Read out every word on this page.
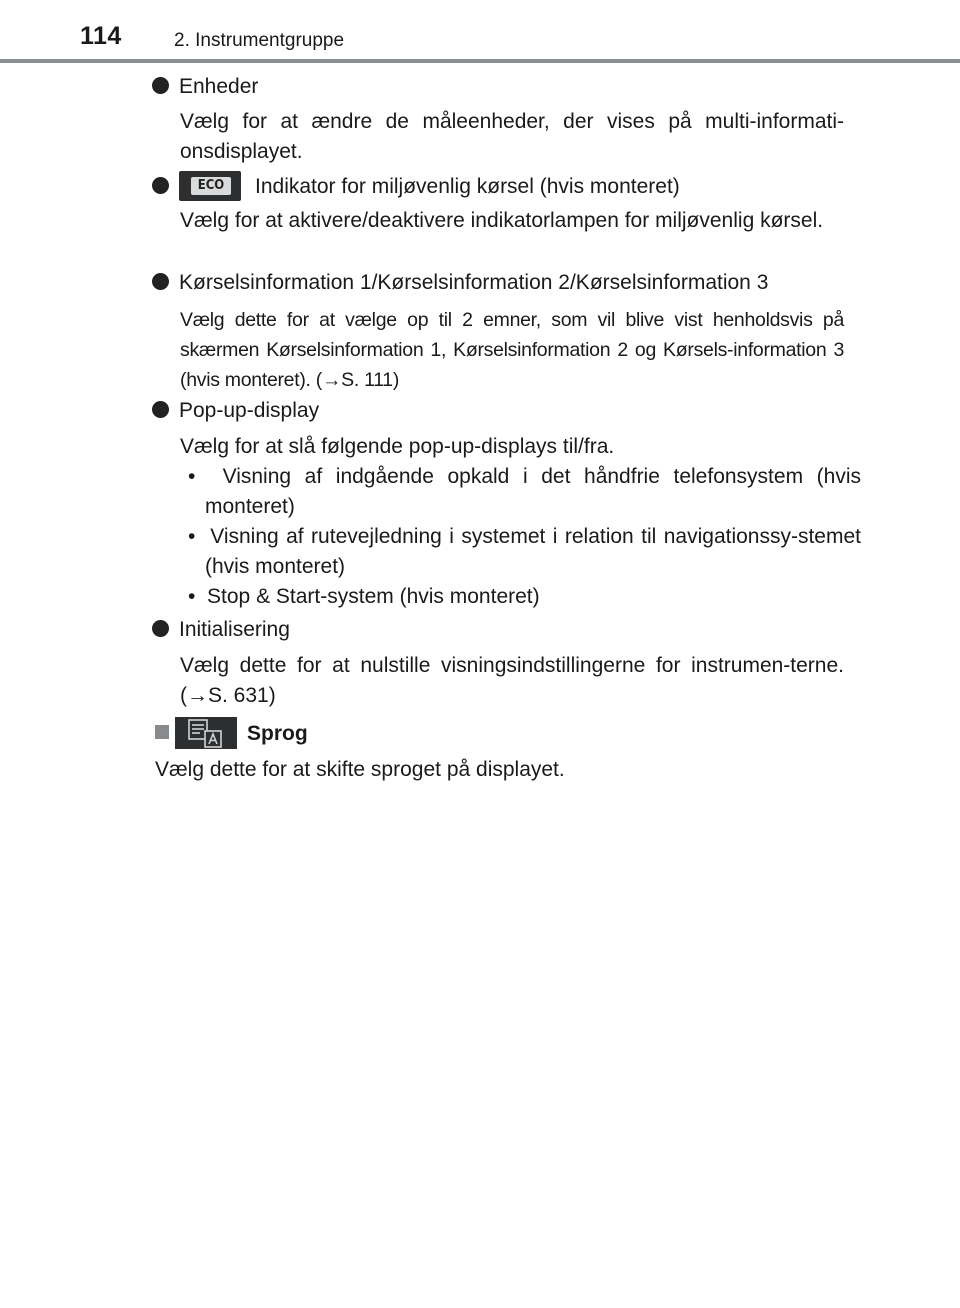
114	2. Instrumentgruppe
Enheder
Vælg for at ændre de måleenheder, der vises på multi-informati-onsdisplayet.
ECO	Indikator for miljøvenlig kørsel (hvis monteret)
Vælg for at aktivere/deaktivere indikatorlampen for miljøvenlig kørsel.
Kørselsinformation 1/Kørselsinformation 2/Kørselsinformation 3
Vælg dette for at vælge op til 2 emner, som vil blive vist henholdsvis på skærmen Kørselsinformation 1, Kørselsinformation 2 og Kørsels-information 3 (hvis monteret). (→S. 111)
Pop-up-display
Vælg for at slå følgende pop-up-displays til/fra.
•  Visning af indgående opkald i det håndfrie telefonsystem (hvis monteret)
•  Visning af rutevejledning i systemet i relation til navigationssy-stemet (hvis monteret)
•  Stop & Start-system (hvis monteret)
Initialisering
Vælg dette for at nulstille visningsindstillingerne for instrumen-terne. (→S. 631)
Sprog
Vælg dette for at skifte sproget på displayet.
